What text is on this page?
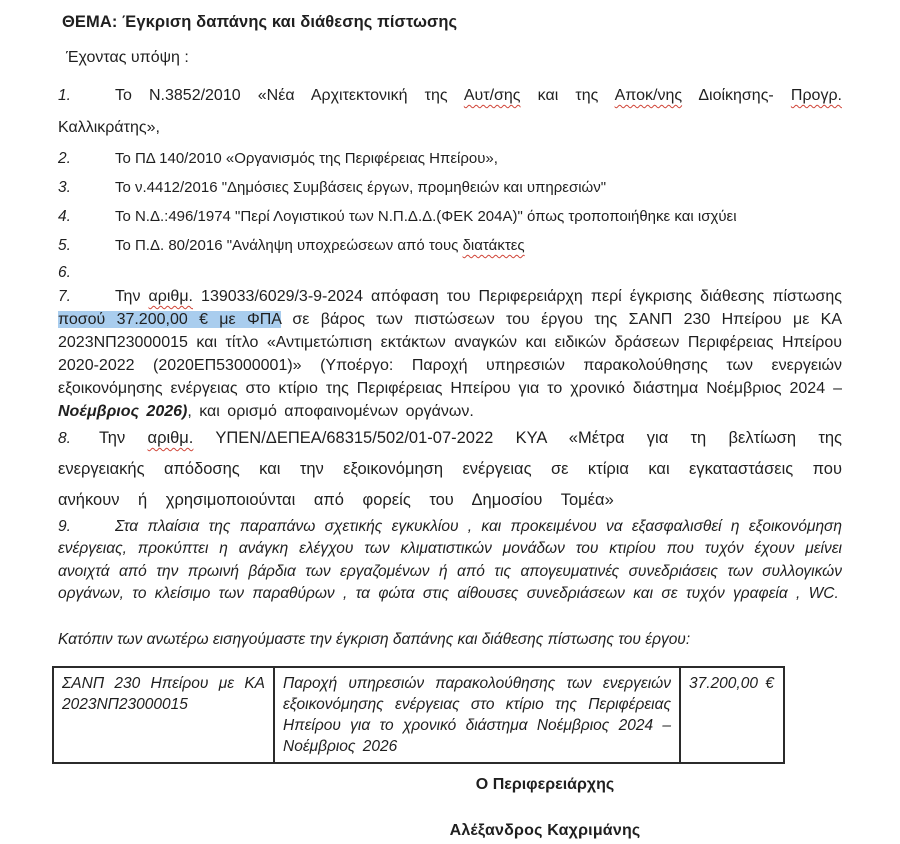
ΘΕΜΑ: Έγκριση δαπάνης και διάθεσης πίστωσης
Έχοντας υπόψη :

1.	Το Ν.3852/2010 «Νέα Αρχιτεκτονική της Αυτ/σης και της Αποκ/νης Διοίκησης- Προγρ. Καλλικράτης»,

2.	Το ΠΔ 140/2010 «Οργανισμός της Περιφέρειας Ηπείρου»,

3.	Το ν.4412/2016 "Δημόσιες Συμβάσεις έργων, προμηθειών και υπηρεσιών"

4.	Το Ν.Δ.:496/1974 "Περί Λογιστικού των Ν.Π.Δ.Δ.(ΦΕΚ 204Α)" όπως τροποποιήθηκε και ισχύει

5.	Το Π.Δ. 80/2016 "Ανάληψη υποχρεώσεων από τους διατάκτες

6.

7.	Την αριθμ. 139033/6029/3-9-2024 απόφαση του Περιφερειάρχη περί έγκρισης διάθεσης πίστωσης ποσού 37.200,00 € με ΦΠΑ σε βάρος των πιστώσεων του έργου της ΣΑΝΠ 230 Ηπείρου με ΚΑ 2023ΝΠ23000015 και τίτλο «Αντιμετώπιση εκτάκτων αναγκών και ειδικών δράσεων Περιφέρειας Ηπείρου 2020-2022 (2020ΕΠ53000001)» (Υποέργο: Παροχή υπηρεσιών παρακολούθησης των ενεργειών εξοικονόμησης ενέργειας στο κτίριο της Περιφέρειας Ηπείρου για το χρονικό διάστημα Νοέμβριος 2024 – Νοέμβριος 2026), και ορισμό αποφαινομένων οργάνων.

8. Την αριθμ. ΥΠΕΝ/ΔΕΠΕΑ/68315/502/01-07-2022 ΚΥΑ «Μέτρα για τη βελτίωση της ενεργειακής απόδοσης και την εξοικονόμηση ενέργειας σε κτίρια και εγκαταστάσεις που ανήκουν ή χρησιμοποιούνται από φορείς του Δημοσίου Τομέα»

9.	Στα πλαίσια της παραπάνω σχετικής εγκυκλίου , και προκειμένου να εξασφαλισθεί η εξοικονόμηση ενέργειας, προκύπτει η ανάγκη ελέγχου των κλιματιστικών μονάδων του κτιρίου που τυχόν έχουν μείνει ανοιχτά από την πρωινή βάρδια των εργαζομένων ή από τις απογευματινές συνεδριάσεις των συλλογικών οργάνων, το κλείσιμο των παραθύρων , τα φώτα στις αίθουσες συνεδριάσεων και σε τυχόν γραφεία , WC.

Κατόπιν των ανωτέρω εισηγούμαστε την έγκριση δαπάνης και διάθεσης πίστωσης του έργου:
ΣΑΝΠ 230 Ηπείρου με ΚΑ 2023ΝΠ23000015	Παροχή υπηρεσιών παρακολούθησης των ενεργειών εξοικονόμησης ενέργειας στο κτίριο της Περιφέρειας Ηπείρου για το χρονικό διάστημα Νοέμβριος 2024 – Νοέμβριος 2026	37.200,00 €
Ο Περιφερειάρχης
Αλέξανδρος Καχριμάνης
